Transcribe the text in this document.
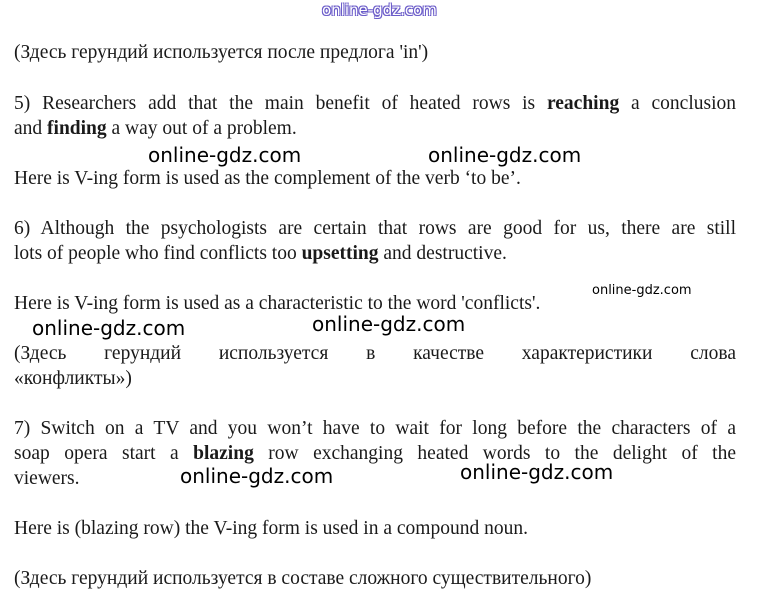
online-gdz.com
(Здесь герундий используется после предлога 'in')
5) Researchers add that the main benefit of heated rows is reaching a conclusion
and finding a way out of a problem.
online-gdz.com	online-gdz.com
Here is V-ing form is used as the complement of the verb ‘to be’.
6) Although the psychologists are certain that rows are good for us, there are still
lots of people who find conflicts too upsetting and destructive.
Here is V-ing form is used as a characteristic to the word 'conflicts'.
online-gdz.com
online-gdz.com	online-gdz.com
(Здесь герундий используется в качестве характеристики слова
«конфликты»)
7) Switch on a TV and you won’t have to wait for long before the characters of a
soap opera start a blazing row exchanging heated words to the delight of the
viewers.	online-gdz.com	online-gdz.com
Here is (blazing row) the V-ing form is used in a compound noun.
(Здесь герундий используется в составе сложного существительного)
